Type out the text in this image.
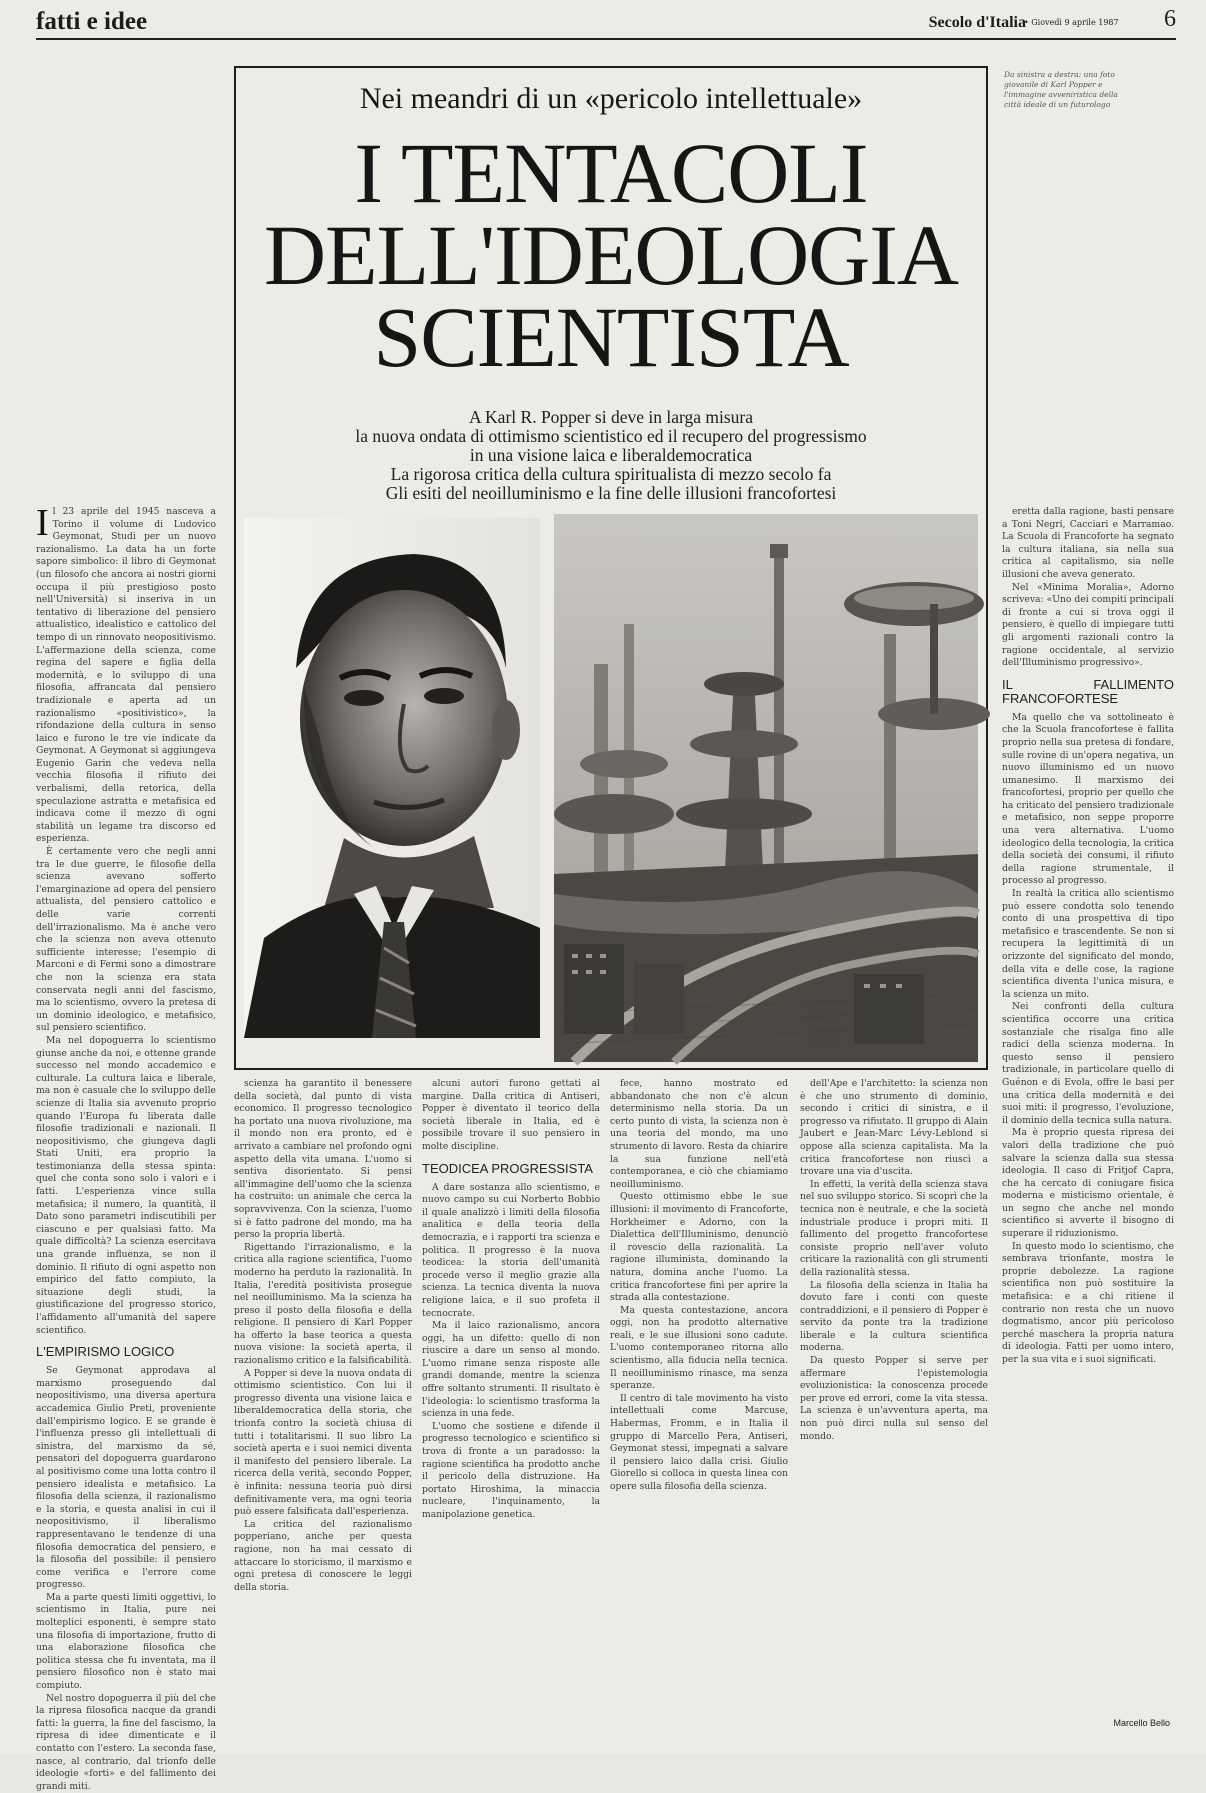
fatti e idee	Secolo d'Italia
• Giovedì 9 aprile 1987	6
Da sinistra a destra: una foto giovanile di Karl Popper e l'immagine avveniristica della città ideale di un futurologo
Nei meandri di un «pericolo intellettuale»
I TENTACOLI
DELL'IDEOLOGIA
SCIENTISTA
A Karl R. Popper si deve in larga misura
la nuova ondata di ottimismo scientistico ed il recupero del progressismo
in una visione laica e liberaldemocratica
La rigorosa critica della cultura spiritualista di mezzo secolo fa
Gli esiti del neoilluminismo e la fine delle illusioni francofortesi

Il 23 aprile del 1945 nasceva a Torino il volume di Ludovico Geymonat, Studi per un nuovo razionalismo. La data ha un forte sapore simbolico: il libro di Geymonat (un filosofo che ancora ai nostri giorni occupa il più prestigioso posto nell'Università) si inseriva in un tentativo di liberazione del pensiero attualistico, idealistico e cattolico del tempo di un rinnovato neopositivismo. L'affermazione della scienza, come regina del sapere e figlia della modernità, e lo sviluppo di una filosofia, affrancata dal pensiero tradizionale e aperta ad un razionalismo «positivistico», la rifondazione della cultura in senso laico e furono le tre vie indicate da Geymonat. A Geymonat si aggiungeva Eugenio Garin che vedeva nella vecchia filosofia il rifiuto dei verbalismi, della retorica, della speculazione astratta e metafisica ed indicava come il mezzo di ogni stabilità un legame tra discorso ed esperienza.

È certamente vero che negli anni tra le due guerre, le filosofie della scienza avevano sofferto l'emarginazione ad opera del pensiero attualista, del pensiero cattolico e delle varie correnti dell'irrazionalismo. Ma è anche vero che la scienza non aveva ottenuto sufficiente interesse; l'esempio di Marconi e di Fermi sono a dimostrare che non la scienza era stata conservata negli anni del fascismo, ma lo scientismo, ovvero la pretesa di un dominio ideologico, e metafisico, sul pensiero scientifico.

Ma nel dopoguerra lo scientismo giunse anche da noi, e ottenne grande successo nel mondo accademico e culturale. La cultura laica e liberale, ma non è casuale che lo sviluppo delle scienze di Italia sia avvenuto proprio quando l'Europa fu liberata dalle filosofie tradizionali e nazionali. Il neopositivismo, che giungeva dagli Stati Uniti, era proprio la testimonianza della stessa spinta: quel che conta sono solo i valori e i fatti. L'esperienza vince sulla metafisica; il numero, la quantità, il Dato sono parametri indiscutibili per ciascuno e per qualsiasi fatto. Ma quale difficoltà? La scienza esercitava una grande influenza, se non il dominio. Il rifiuto di ogni aspetto non empirico del fatto compiuto, la situazione degli studi, la giustificazione del progresso storico, l'affidamento all'umanità del sapere scientifico.

L'EMPIRISMO LOGICO

Se Geymonat approdava al marxismo proseguendo dal neopositivismo, una diversa apertura accademica Giulio Preti, proveniente dall'empirismo logico. E se grande è l'influenza presso gli intellettuali di sinistra, del marxismo da sé, pensatori del dopoguerra guardarono al positivismo come una lotta contro il pensiero idealista e metafisico. La filosofia della scienza, il razionalismo e la storia, e questa analisi in cui il neopositivismo, il liberalismo rappresentavano le tendenze di una filosofia democratica del pensiero, e la filosofia del possibile: il pensiero come verifica e l'errore come progresso.

Ma a parte questi limiti oggettivi, lo scientismo in Italia, pure nei molteplici esponenti, è sempre stato una filosofia di importazione, frutto di una elaborazione filosofica che politica stessa che fu inventata, ma il pensiero filosofico non è stato mai compiuto.

Nel nostro dopoguerra il più del che la ripresa filosofica nacque da grandi fatti: la guerra, la fine del fascismo, la ripresa di idee dimenticate e il contatto con l'estero. La seconda fase, nasce, al contrario, dal trionfo delle ideologie «forti» e del fallimento dei grandi miti.

scienza ha garantito il benessere della società, dal punto di vista economico. Il progresso tecnologico ha portato una nuova rivoluzione, ma il mondo non era pronto, ed è arrivato a cambiare nel profondo ogni aspetto della vita umana. L'uomo si sentiva disorientato. Si pensi all'immagine dell'uomo che la scienza ha costruito: un animale che cerca la sopravvivenza. Con la scienza, l'uomo si è fatto padrone del mondo, ma ha perso la propria libertà.

Rigettando l'irrazionalismo, e la critica alla ragione scientifica, l'uomo moderno ha perduto la razionalità. In Italia, l'eredità positivista prosegue nel neoilluminismo. Ma la scienza ha preso il posto della filosofia e della religione. Il pensiero di Karl Popper ha offerto la base teorica a questa nuova visione: la società aperta, il razionalismo critico e la falsificabilità.

A Popper si deve la nuova ondata di ottimismo scientistico. Con lui il progresso diventa una visione laica e liberaldemocratica della storia, che trionfa contro la società chiusa di tutti i totalitarismi. Il suo libro La società aperta e i suoi nemici diventa il manifesto del pensiero liberale. La ricerca della verità, secondo Popper, è infinita: nessuna teoria può dirsi definitivamente vera, ma ogni teoria può essere falsificata dall'esperienza.

La critica del razionalismo popperiano, anche per questa ragione, non ha mai cessato di attaccare lo storicismo, il marxismo e ogni pretesa di conoscere le leggi della storia.

alcuni autori furono gettati al margine. Dalla critica di Antiseri, Popper è diventato il teorico della società liberale in Italia, ed è possibile trovare il suo pensiero in molte discipline.

TEODICEA PROGRESSISTA

A dare sostanza allo scientismo, e nuovo campo su cui Norberto Bobbio il quale analizzò i limiti della filosofia analitica e della teoria della democrazia, e i rapporti tra scienza e politica. Il progresso è la nuova teodicea: la storia dell'umanità procede verso il meglio grazie alla scienza. La tecnica diventa la nuova religione laica, e il suo profeta il tecnocrate.

Ma il laico razionalismo, ancora oggi, ha un difetto: quello di non riuscire a dare un senso al mondo. L'uomo rimane senza risposte alle grandi domande, mentre la scienza offre soltanto strumenti. Il risultato è l'ideologia: lo scientismo trasforma la scienza in una fede.

L'uomo che sostiene e difende il progresso tecnologico e scientifico si trova di fronte a un paradosso: la ragione scientifica ha prodotto anche il pericolo della distruzione. Ha portato Hiroshima, la minaccia nucleare, l'inquinamento, la manipolazione genetica.

fece, hanno mostrato ed abbandonato che non c'è alcun determinismo nella storia. Da un certo punto di vista, la scienza non è una teoria del mondo, ma uno strumento di lavoro. Resta da chiarire la sua funzione nell'età contemporanea, e ciò che chiamiamo neoilluminismo.

Questo ottimismo ebbe le sue illusioni: il movimento di Francoforte, Horkheimer e Adorno, con la Dialettica dell'Illuminismo, denunciò il rovescio della razionalità. La ragione illuminista, dominando la natura, domina anche l'uomo. La critica francofortese finì per aprire la strada alla contestazione.

Ma questa contestazione, ancora oggi, non ha prodotto alternative reali, e le sue illusioni sono cadute. L'uomo contemporaneo ritorna allo scientismo, alla fiducia nella tecnica. Il neoilluminismo rinasce, ma senza speranze.

Il centro di tale movimento ha visto intellettuali come Marcuse, Habermas, Fromm, e in Italia il gruppo di Marcello Pera, Antiseri, Geymonat stessi, impegnati a salvare il pensiero laico dalla crisi. Giulio Giorello si colloca in questa linea con opere sulla filosofia della scienza.

dell'Ape e l'architetto: la scienza non è che uno strumento di dominio, secondo i critici di sinistra, e il progresso va rifiutato. Il gruppo di Alain Jaubert e Jean-Marc Lévy-Leblond si oppose alla scienza capitalista. Ma la critica francofortese non riuscì a trovare una via d'uscita.

In effetti, la verità della scienza stava nel suo sviluppo storico. Si scoprì che la tecnica non è neutrale, e che la società industriale produce i propri miti. Il fallimento del progetto francofortese consiste proprio nell'aver voluto criticare la razionalità con gli strumenti della razionalità stessa.

La filosofia della scienza in Italia ha dovuto fare i conti con queste contraddizioni, e il pensiero di Popper è servito da ponte tra la tradizione liberale e la cultura scientifica moderna.

Da questo Popper si serve per affermare l'epistemologia evoluzionistica: la conoscenza procede per prove ed errori, come la vita stessa. La scienza è un'avventura aperta, ma non può dirci nulla sul senso del mondo.

eretta dalla ragione, basti pensare a Toni Negri, Cacciari e Marramao. La Scuola di Francoforte ha segnato la cultura italiana, sia nella sua critica al capitalismo, sia nelle illusioni che aveva generato.

Nel «Minima Moralia», Adorno scriveva: «Uno dei compiti principali di fronte a cui si trova oggi il pensiero, è quello di impiegare tutti gli argomenti razionali contro la ragione occidentale, al servizio dell'Illuminismo progressivo».

IL FALLIMENTO FRANCOFORTESE

Ma quello che va sottolineato è che la Scuola francofortese è fallita proprio nella sua pretesa di fondare, sulle rovine di un'opera negativa, un nuovo illuminismo ed un nuovo umanesimo. Il marxismo dei francofortesi, proprio per quello che ha criticato del pensiero tradizionale e metafisico, non seppe proporre una vera alternativa. L'uomo ideologico della tecnologia, la critica della società dei consumi, il rifiuto della ragione strumentale, il processo al progresso.

In realtà la critica allo scientismo può essere condotta solo tenendo conto di una prospettiva di tipo metafisico e trascendente. Se non si recupera la legittimità di un orizzonte del significato del mondo, della vita e delle cose, la ragione scientifica diventa l'unica misura, e la scienza un mito.

Nei confronti della cultura scientifica occorre una critica sostanziale che risalga fino alle radici della scienza moderna. In questo senso il pensiero tradizionale, in particolare quello di Guénon e di Evola, offre le basi per una critica della modernità e dei suoi miti: il progresso, l'evoluzione, il dominio della tecnica sulla natura.

Ma è proprio questa ripresa dei valori della tradizione che può salvare la scienza dalla sua stessa ideologia. Il caso di Fritjof Capra, che ha cercato di coniugare fisica moderna e misticismo orientale, è un segno che anche nel mondo scientifico si avverte il bisogno di superare il riduzionismo.

In questo modo lo scientismo, che sembrava trionfante, mostra le proprie debolezze. La ragione scientifica non può sostituire la metafisica: e a chi ritiene il contrario non resta che un nuovo dogmatismo, ancor più pericoloso perché maschera la propria natura di ideologia. Fatti per uomo intero, per la sua vita e i suoi significati.

Marcello Bello
